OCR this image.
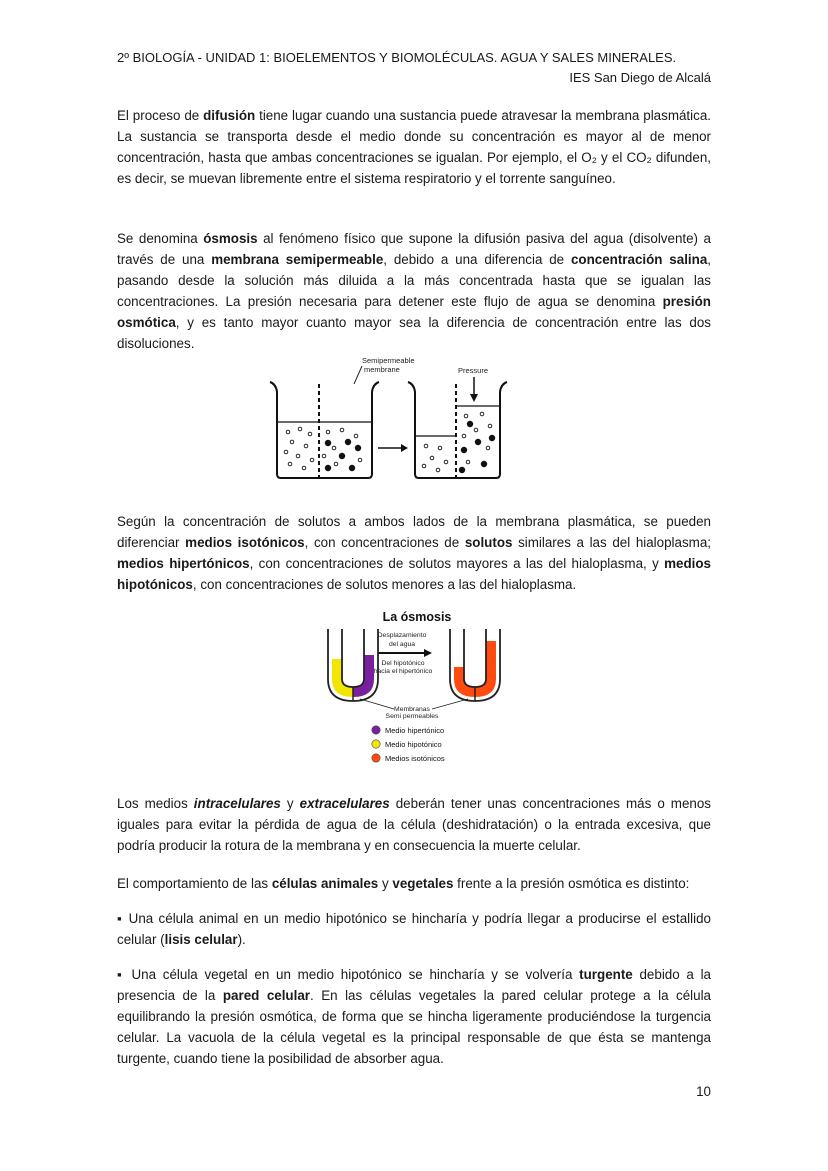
2º BIOLOGÍA - UNIDAD 1: BIOELEMENTOS Y BIOMOLÉCULAS. AGUA Y SALES MINERALES.
IES San Diego de Alcalá
El proceso de difusión tiene lugar cuando una sustancia puede atravesar la membrana plasmática. La sustancia se transporta desde el medio donde su concentración es mayor al de menor concentración, hasta que ambas concentraciones se igualan. Por ejemplo, el O₂ y el CO₂ difunden, es decir, se muevan libremente entre el sistema respiratorio y el torrente sanguíneo.
Se denomina ósmosis al fenómeno físico que supone la difusión pasiva del agua (disolvente) a través de una membrana semipermeable, debido a una diferencia de concentración salina, pasando desde la solución más diluida a la más concentrada hasta que se igualan las concentraciones. La presión necesaria para detener este flujo de agua se denomina presión osmótica, y es tanto mayor cuanto mayor sea la diferencia de concentración entre las dos disoluciones.
Semipermeable
membrane	Pressure
Según la concentración de solutos a ambos lados de la membrana plasmática, se pueden diferenciar medios isotónicos, con concentraciones de solutos similares a las del hialoplasma; medios hipertónicos, con concentraciones de solutos mayores a las del hialoplasma, y medios hipotónicos, con concentraciones de solutos menores a las del hialoplasma.
La ósmosis
Desplazamiento
del agua
Del hipotónico
hacia el hipertónico
Membranas
Semi permeables
Medio hipertónico
Medio hipotónico
Medios isotónicos
Los medios intracelulares y extracelulares deberán tener unas concentraciones más o menos iguales para evitar la pérdida de agua de la célula (deshidratación) o la entrada excesiva, que podría producir la rotura de la membrana y en consecuencia la muerte celular.
El comportamiento de las células animales y vegetales frente a la presión osmótica es distinto:
▪ Una célula animal en un medio hipotónico se hincharía y podría llegar a producirse el estallido celular (lisis celular).
▪ Una célula vegetal en un medio hipotónico se hincharía y se volvería turgente debido a la presencia de la pared celular. En las células vegetales la pared celular protege a la célula equilibrando la presión osmótica, de forma que se hincha ligeramente produciéndose la turgencia celular. La vacuola de la célula vegetal es la principal responsable de que ésta se mantenga turgente, cuando tiene la posibilidad de absorber agua.
10
